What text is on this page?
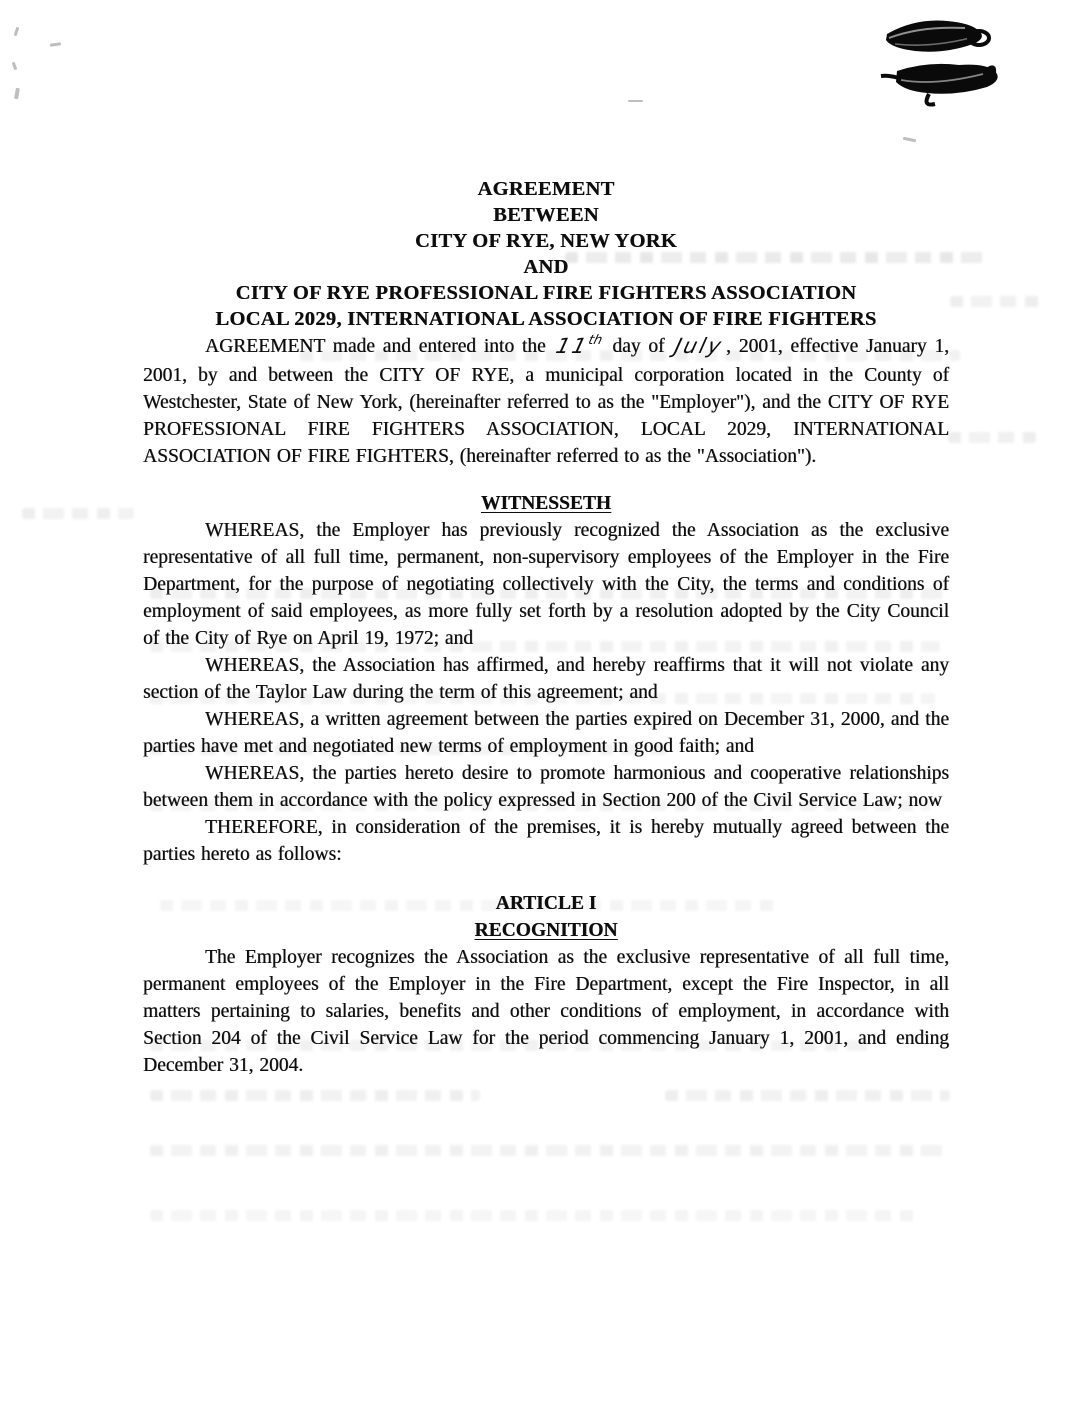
AGREEMENT

BETWEEN

CITY OF RYE, NEW YORK

AND

CITY OF RYE PROFESSIONAL FIRE FIGHTERS ASSOCIATION

LOCAL 2029, INTERNATIONAL ASSOCIATION OF FIRE FIGHTERS

AGREEMENT made and entered into the 11th day of July, 2001, effective January 1, 2001, by and between the CITY OF RYE, a municipal corporation located in the County of Westchester, State of New York, (hereinafter referred to as the "Employer"), and the CITY OF RYE PROFESSIONAL FIRE FIGHTERS ASSOCIATION, LOCAL 2029, INTERNATIONAL ASSOCIATION OF FIRE FIGHTERS, (hereinafter referred to as the "Association").

WITNESSETH

WHEREAS, the Employer has previously recognized the Association as the exclusive representative of all full time, permanent, non-supervisory employees of the Employer in the Fire Department, for the purpose of negotiating collectively with the City, the terms and conditions of employment of said employees, as more fully set forth by a resolution adopted by the City Council of the City of Rye on April 19, 1972; and

WHEREAS, the Association has affirmed, and hereby reaffirms that it will not violate any section of the Taylor Law during the term of this agreement; and

WHEREAS, a written agreement between the parties expired on December 31, 2000, and the parties have met and negotiated new terms of employment in good faith; and

WHEREAS, the parties hereto desire to promote harmonious and cooperative relationships between them in accordance with the policy expressed in Section 200 of the Civil Service Law; now

THEREFORE, in consideration of the premises, it is hereby mutually agreed between the parties hereto as follows:

ARTICLE I

RECOGNITION

The Employer recognizes the Association as the exclusive representative of all full time, permanent employees of the Employer in the Fire Department, except the Fire Inspector, in all matters pertaining to salaries, benefits and other conditions of employment, in accordance with Section 204 of the Civil Service Law for the period commencing January 1, 2001, and ending December 31, 2004.
